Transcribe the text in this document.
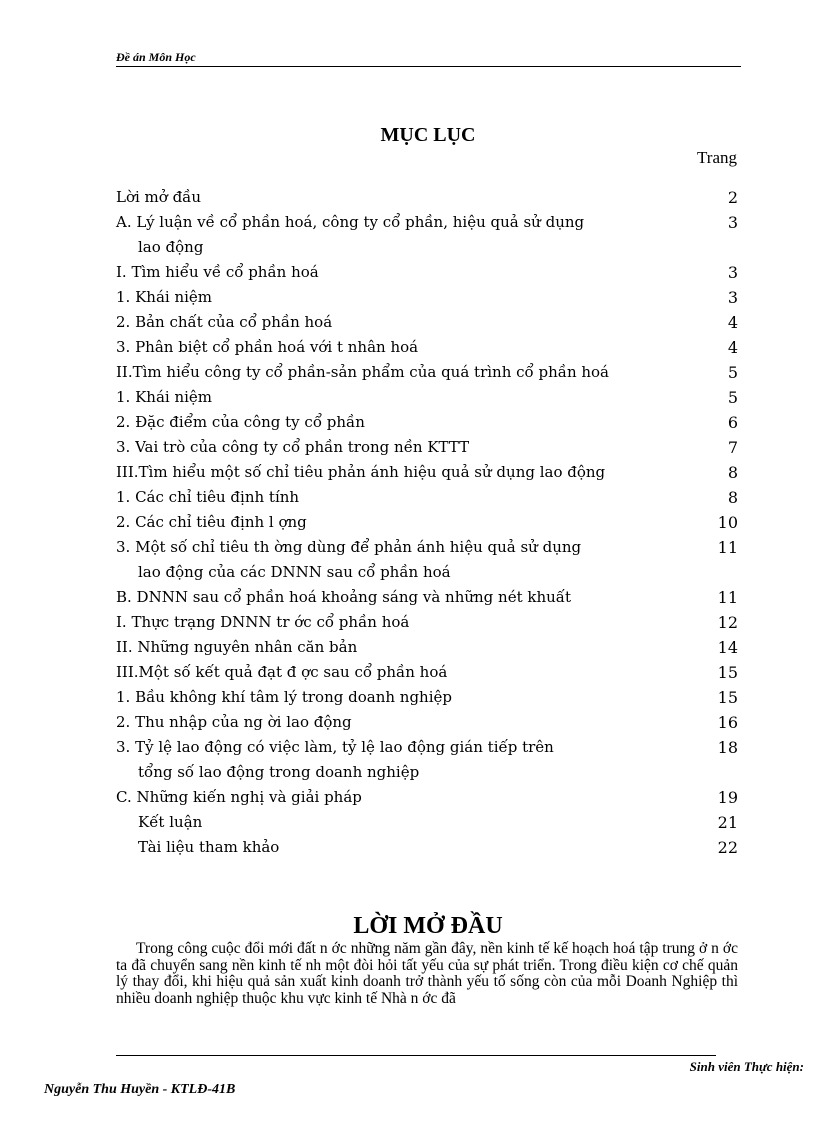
Đề án Môn Học
MỤC LỤC
Trang
Lời mở đầu	2
A. Lý luận về cổ phần hoá, công ty cổ phần, hiệu quả sử dụng	3
lao động
I. Tìm hiểu về cổ phần hoá	3
1. Khái niệm	3
2. Bản chất của cổ phần hoá	4
3. Phân biệt cổ phần hoá với t nhân hoá	4
II.Tìm hiểu công ty cổ phần-sản phẩm của quá trình cổ phần hoá	5
1. Khái niệm	5
2. Đặc điểm của công ty cổ phần	6
3. Vai trò của công ty cổ phần trong nền KTTT	7
III.Tìm hiểu một số chỉ tiêu phản ánh hiệu quả sử dụng lao động	8
1. Các chỉ tiêu định tính	8
2. Các chỉ tiêu định l ợng	10
3. Một số chỉ tiêu th ờng dùng để phản ánh hiệu quả sử dụng	11
lao động của các DNNN sau cổ phần hoá
B. DNNN sau cổ phần hoá khoảng sáng và những nét khuất	11
I. Thực trạng DNNN tr ớc cổ phần hoá	12
II. Những nguyên nhân căn bản	14
III.Một số kết quả đạt đ ợc sau cổ phần hoá	15
1. Bầu không khí tâm lý trong doanh nghiệp	15
2. Thu nhập của ng ời lao động	16
3. Tỷ lệ lao động có việc làm, tỷ lệ lao động gián tiếp trên	18
tổng số lao động trong doanh nghiệp
C. Những kiến nghị và giải pháp	19
Kết luận	21
Tài liệu tham khảo	22
LỜI MỞ ĐẦU
Trong công cuộc đổi mới đất n ớc những năm gần đây, nền kinh tế kế hoạch hoá tập trung ở n ớc ta đã chuyển sang nền kinh tế nh một đòi hỏi tất yếu của sự phát triển. Trong điều kiện cơ chế quản lý thay đổi, khi hiệu quả sản xuất kinh doanh trở thành yếu tố sống còn của mỗi Doanh Nghiệp thì nhiều doanh nghiệp thuộc khu vực kinh tế Nhà n ớc đã
Sinh viên Thực hiện:
Nguyễn Thu Huyền - KTLĐ-41B
